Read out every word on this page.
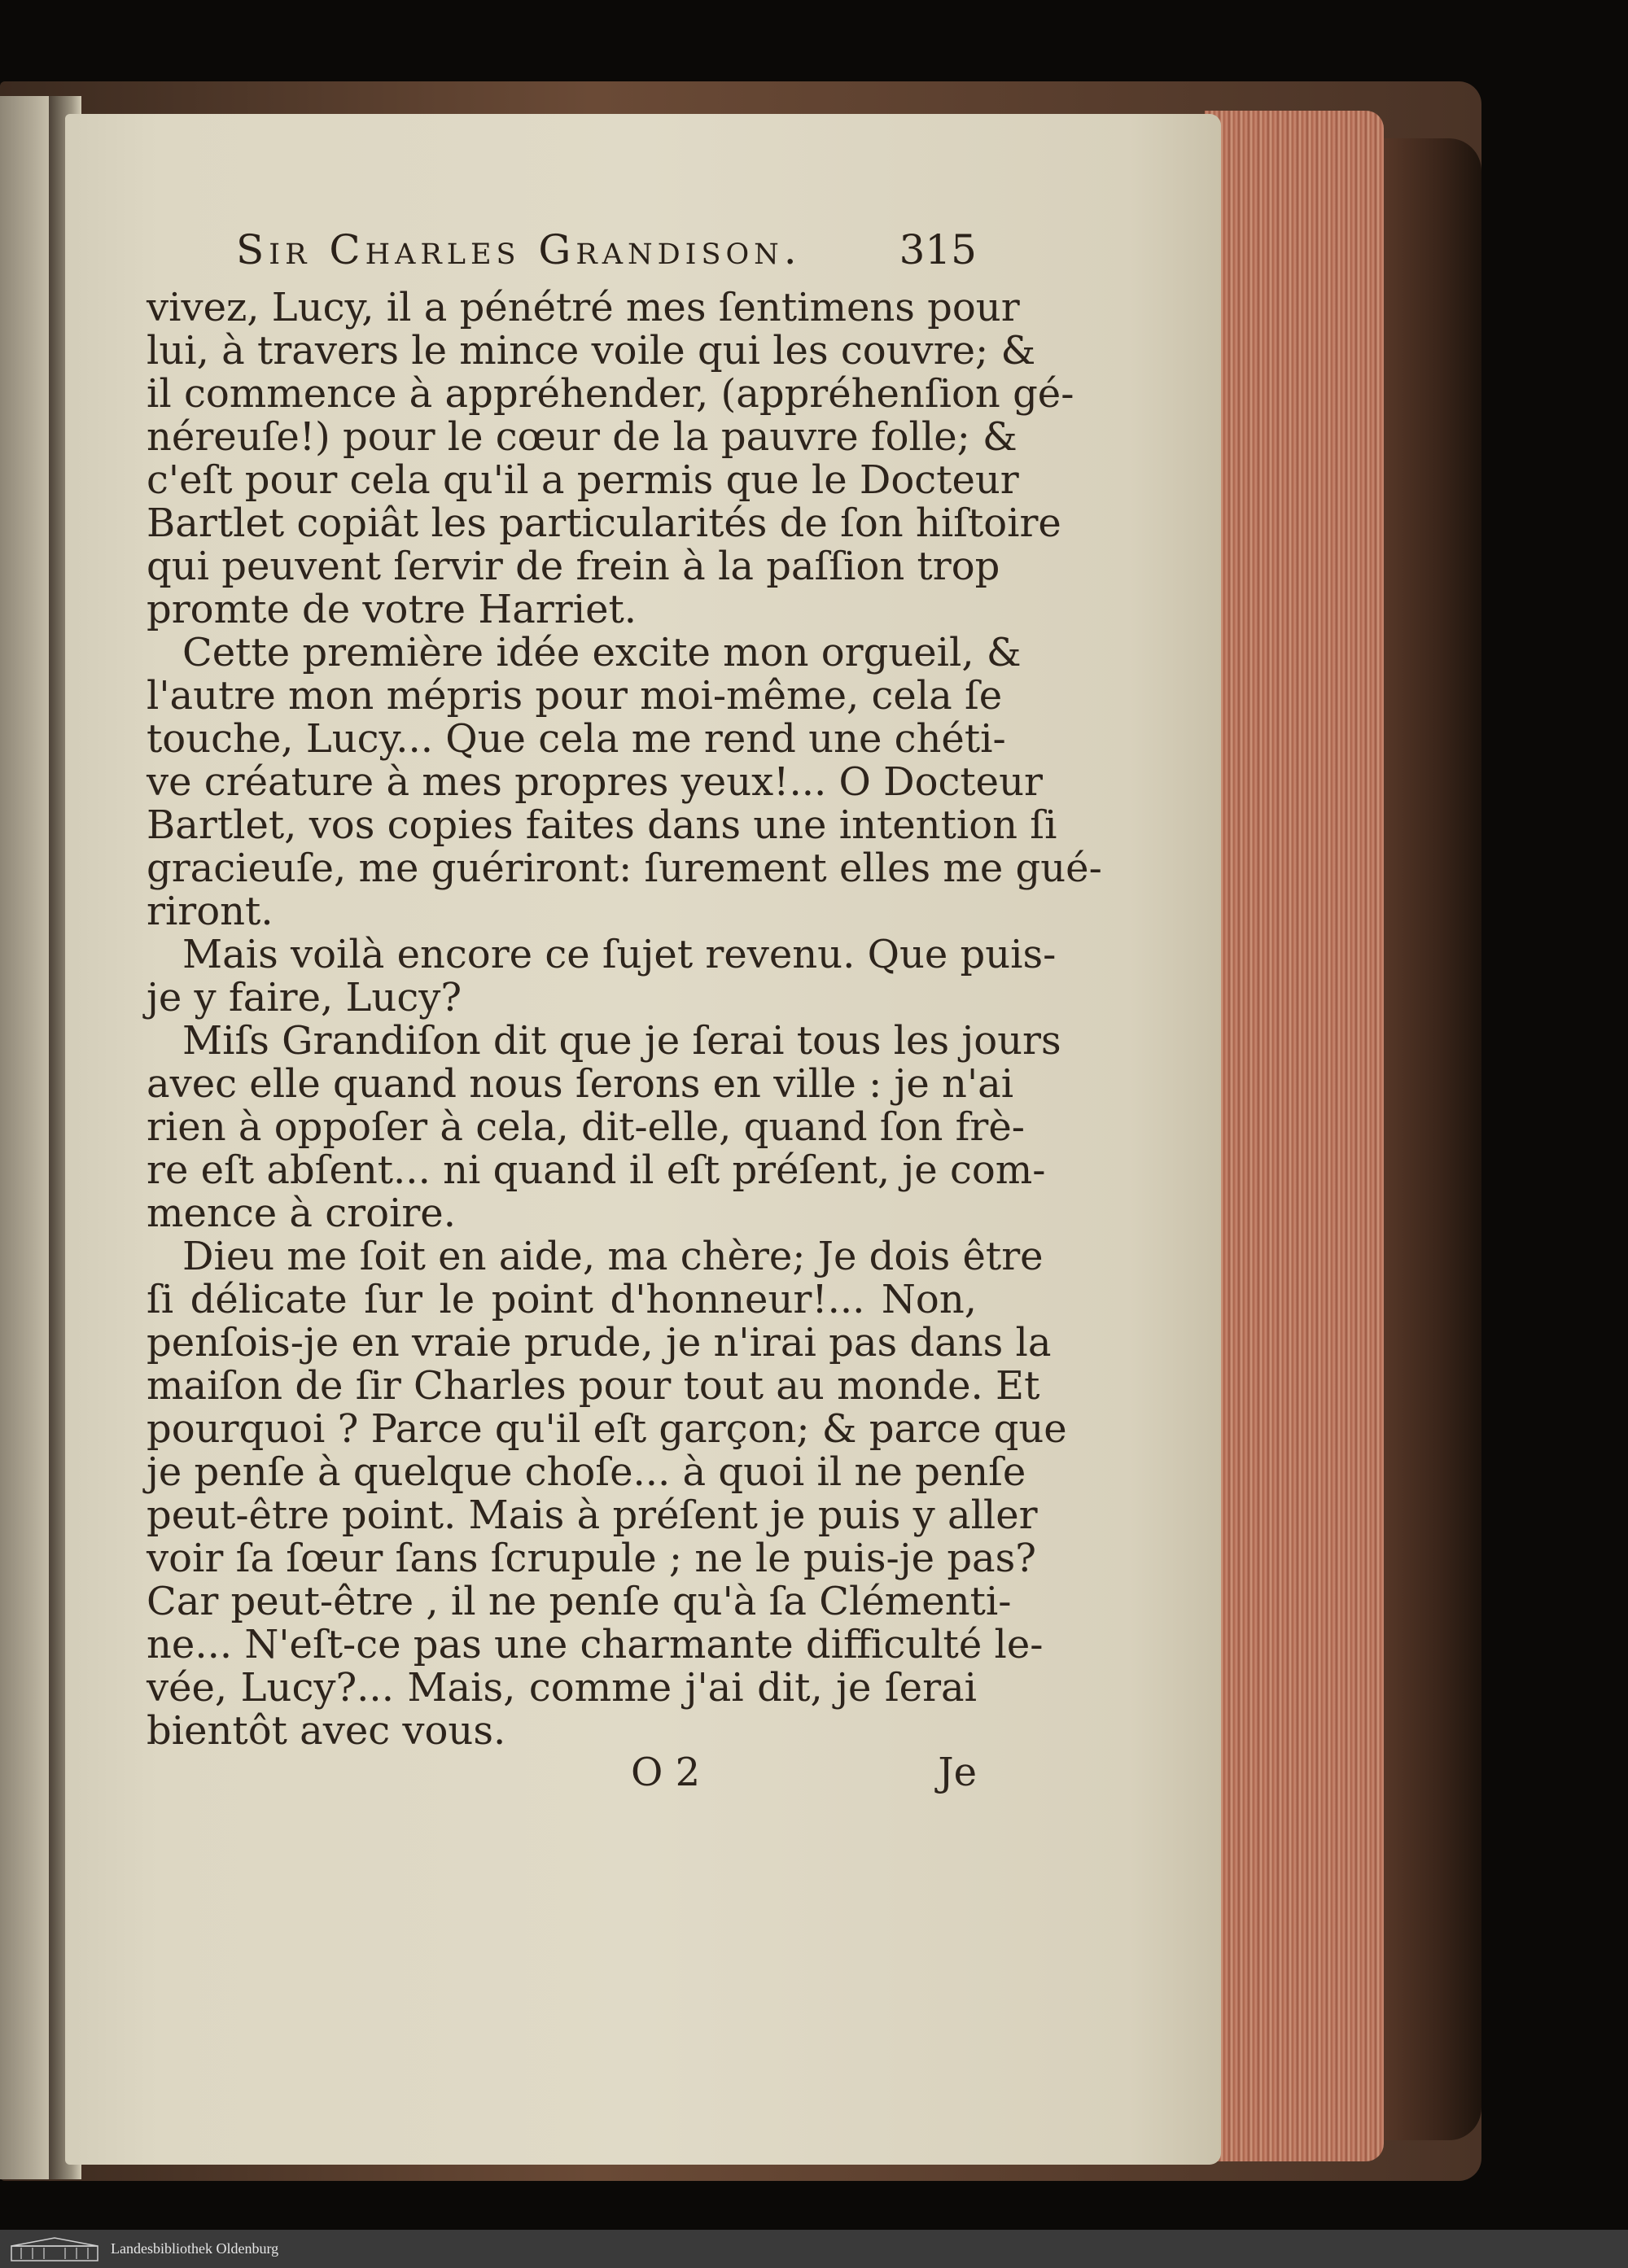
Sir Charles Grandison. 315
vivez, Lucy, il a pénétré mes ſentimens pour
lui, à travers le mince voile qui les couvre; &
il commence à appréhender, (appréhenſion gé-
néreuſe!) pour le cœur de la pauvre folle; &
c'eſt pour cela qu'il a permis que le Docteur
Bartlet copiât les particularités de ſon hiſtoire
qui peuvent ſervir de frein à la paſſion trop
promte de votre Harriet.
Cette première idée excite mon orgueil, &
l'autre mon mépris pour moi-même, cela ſe
touche, Lucy... Que cela me rend une chéti-
ve créature à mes propres yeux!... O Docteur
Bartlet, vos copies faites dans une intention ſi
gracieuſe, me guériront: ſurement elles me gué-
riront.
Mais voilà encore ce ſujet revenu. Que puis-
je y faire, Lucy?
Miſs Grandiſon dit que je ſerai tous les jours
avec elle quand nous ſerons en ville : je n'ai
rien à oppoſer à cela, dit-elle, quand ſon frè-
re eſt abſent... ni quand il eſt préſent, je com-
mence à croire.
Dieu me ſoit en aide, ma chère; Je dois être
ſi délicate ſur le point d'honneur!... Non,
penſois-je en vraie prude, je n'irai pas dans la
maiſon de ſir Charles pour tout au monde. Et
pourquoi ? Parce qu'il eſt garçon; & parce que
je penſe à quelque choſe... à quoi il ne penſe
peut-être point. Mais à préſent je puis y aller
voir ſa ſœur ſans ſcrupule ; ne le puis-je pas?
Car peut-être , il ne penſe qu'à ſa Clémenti-
ne... N'eſt-ce pas une charmante difficulté le-
vée, Lucy?... Mais, comme j'ai dit, je ſerai
bientôt avec vous.
O 2	Je
Landesbibliothek Oldenburg
